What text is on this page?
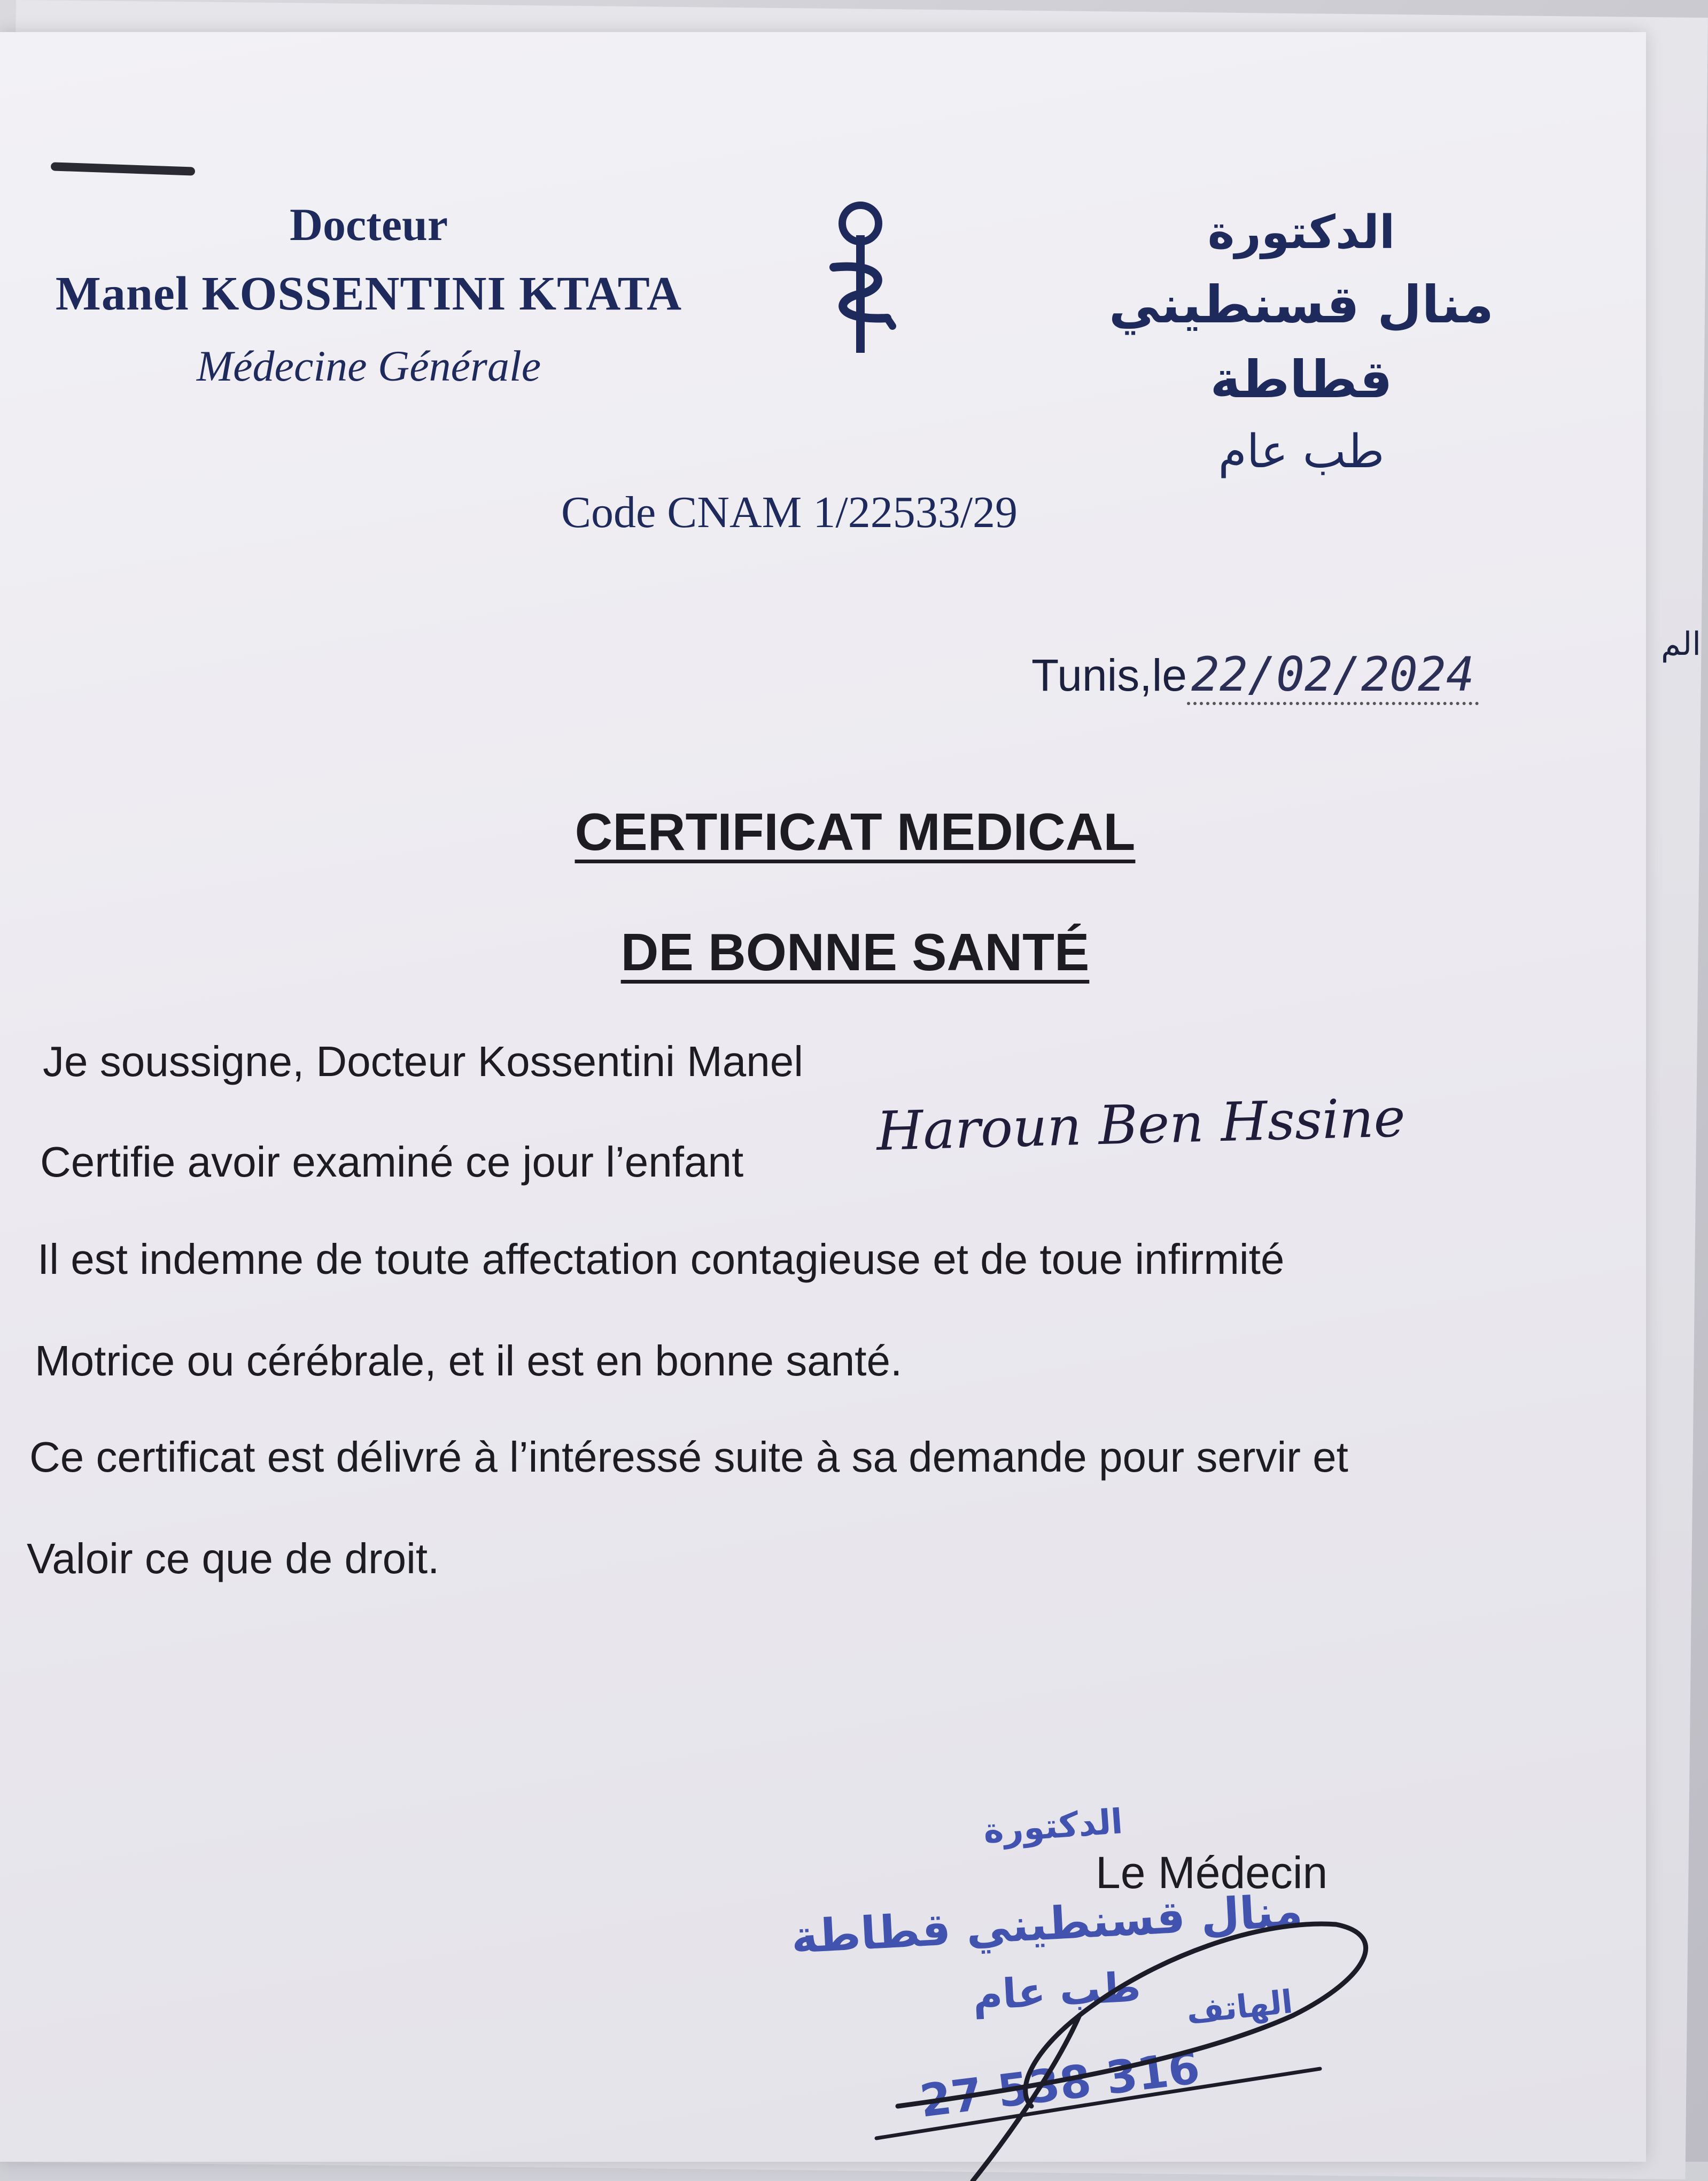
Docteur
Manel KOSSENTINI KTATA
Médecine Générale
الدكتورة
منال قسنطيني قطاطة
طب عام
Code CNAM 1/22533/29
Tunis,le22/02/2024
CERTIFICAT MEDICAL
DE BONNE SANTÉ
Je soussigne, Docteur Kossentini Manel
Certifie avoir examiné ce jour l’enfant Haroun Ben Hssine
Il est indemne de toute affectation contagieuse et de toue infirmité
Motrice ou cérébrale, et il est en bonne santé.
Ce certificat est délivré à l’intéressé suite à sa demande pour servir et
Valoir ce que de droit.
الدكتورة
منال قسنطيني قطاطة
طب عام الهاتف
27 538 316
Le Médecin
الم
